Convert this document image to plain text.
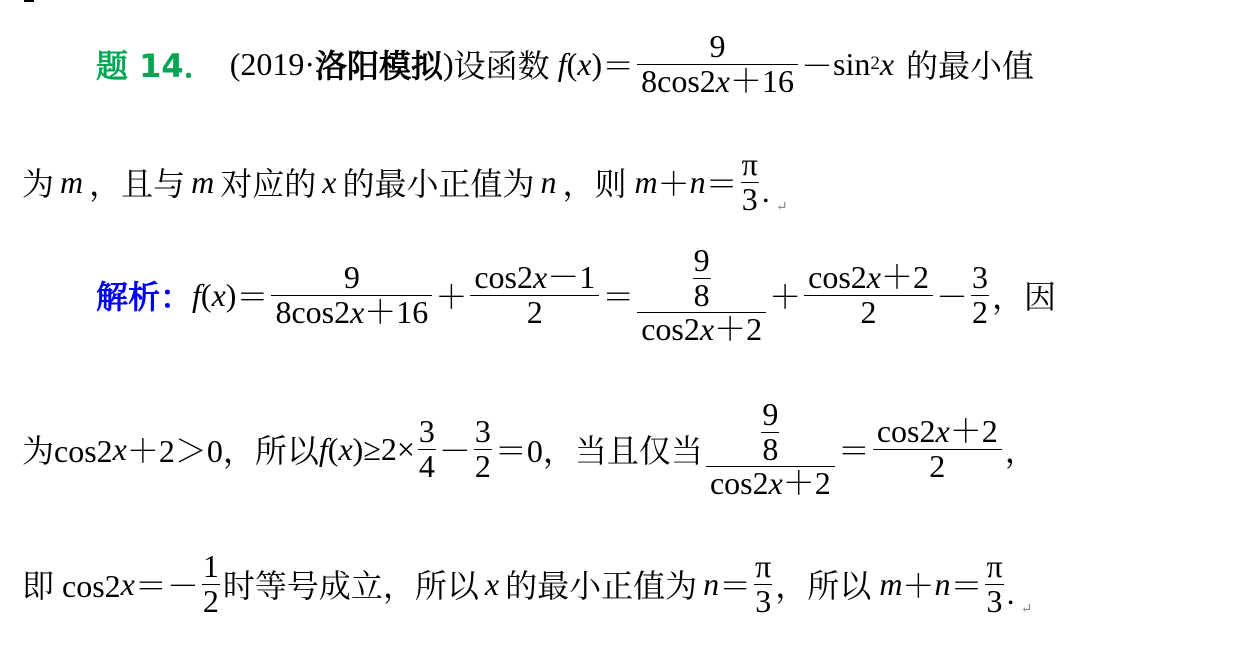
题 14． (2019· 洛阳模拟 ) 设函数 $f(x) = \frac{9}{8\cos 2x+16} - \sin 2$ x 的最小值
为 m ，且与 m 对应的 x 的最小正值为 n ，则 $m + n = \frac{\pi}{3}$ . ↵
解析： $f(x) = \frac{9}{8\cos 2x+16} + \frac{\cos 2x-1}{2} = \frac{\frac{9}{8}}{\cos 2x+2} + \frac{\cos 2x+2}{2} - \frac{3}{2}$ ，因
为cos2 x ＋2＞0，所以 $f(x) \ge 2\times \frac{3}{4} - \frac{3}{2} =0$，当且仅当 $\frac{\frac{9}{8}}{\cos 2x+2} = \frac{\cos 2x+2}{2}$ ，
即 cos2 $x =- \frac{1}{2}$ 时等号成立，所以 x 的最小正值为 $n = \frac{\pi}{3}$ ，所以 $m + n = \frac{\pi}{3}$ . ↵
